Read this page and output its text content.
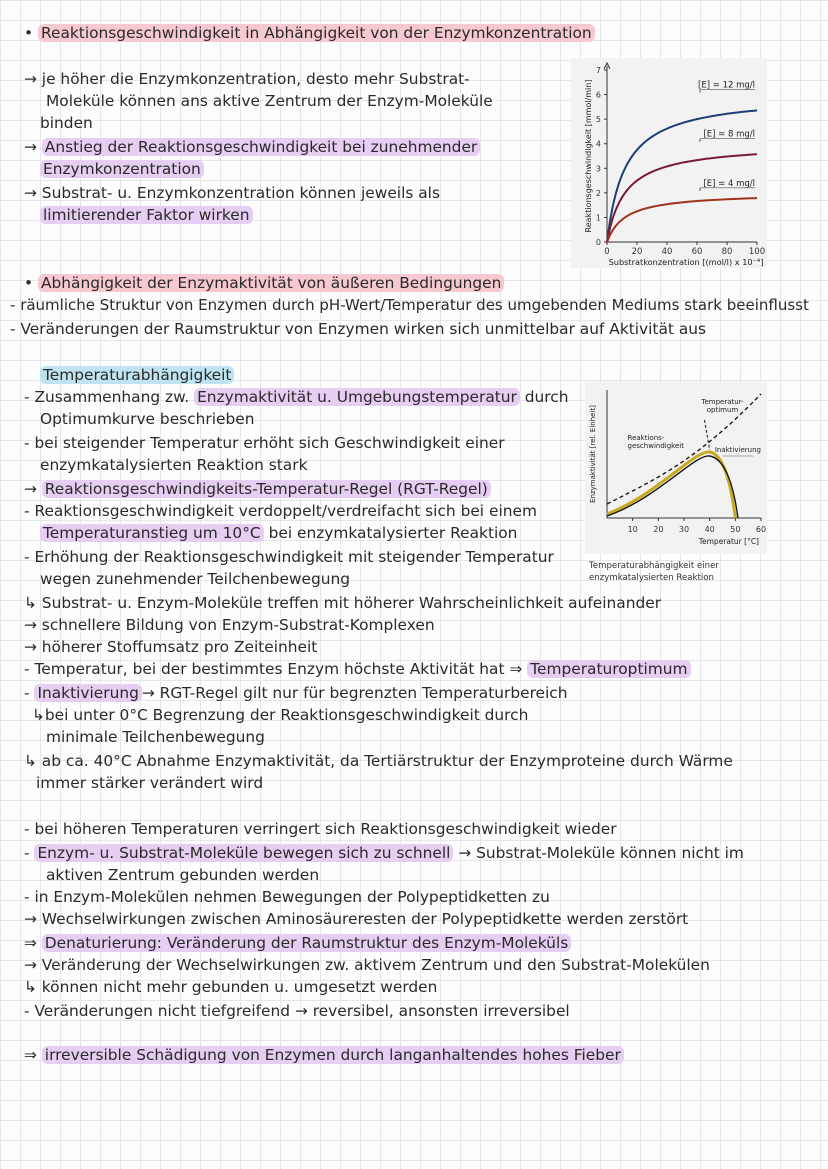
• Reaktionsgeschwindigkeit in Abhängigkeit von der Enzymkonzentration
→ je höher die Enzymkonzentration, desto mehr Substrat-
Moleküle können ans aktive Zentrum der Enzym-Moleküle
binden
→ Anstieg der Reaktionsgeschwindigkeit bei zunehmender
Enzymkonzentration
→ Substrat- u. Enzymkonzentration können jeweils als
limitierender Faktor wirken
0
1
2
3
4
5
6
7
0	20 40 60 80 100
Substratkonzentration [(mol/l) x 10⁻⁴]
Reaktionsgeschwindigkeit [mmol/min]	[E] = 12 mg/l
[E] = 8 mg/l
[E] = 4 mg/l
• Abhängigkeit der Enzymaktivität von äußeren Bedingungen
- räumliche Struktur von Enzymen durch pH-Wert/Temperatur des umgebenden Mediums stark beeinflusst
- Veränderungen der Raumstruktur von Enzymen wirken sich unmittelbar auf Aktivität aus
Temperaturabhängigkeit
- Zusammenhang zw. Enzymaktivität u. Umgebungstemperatur durch
Optimumkurve beschrieben
- bei steigender Temperatur erhöht sich Geschwindigkeit einer
enzymkatalysierten Reaktion stark
→ Reaktionsgeschwindigkeits-Temperatur-Regel (RGT-Regel)
- Reaktionsgeschwindigkeit verdoppelt/verdreifacht sich bei einem
Temperaturanstieg um 10°C bei enzymkatalysierter Reaktion
- Erhöhung der Reaktionsgeschwindigkeit mit steigender Temperatur
wegen zunehmender Teilchenbewegung
10 20 30 40 50 60
Temperatur [°C]
Enzymaktivität [rel. Einheit]
Temperatur-
optimum
Reaktions-
geschwindigkeit	Inaktivierung
Temperaturabhängigkeit einer enzymkatalysierten Reaktion
↳ Substrat- u. Enzym-Moleküle treffen mit höherer Wahrscheinlichkeit aufeinander
→ schnellere Bildung von Enzym-Substrat-Komplexen
→ höherer Stoffumsatz pro Zeiteinheit
- Temperatur, bei der bestimmtes Enzym höchste Aktivität hat ⇒ Temperaturoptimum
- Inaktivierung → RGT-Regel gilt nur für begrenzten Temperaturbereich
↳bei unter 0°C Begrenzung der Reaktionsgeschwindigkeit durch
minimale Teilchenbewegung
↳ ab ca. 40°C Abnahme Enzymaktivität, da Tertiärstruktur der Enzymproteine durch Wärme
immer stärker verändert wird
- bei höheren Temperaturen verringert sich Reaktionsgeschwindigkeit wieder
- Enzym- u. Substrat-Moleküle bewegen sich zu schnell → Substrat-Moleküle können nicht im
aktiven Zentrum gebunden werden
- in Enzym-Molekülen nehmen Bewegungen der Polypeptidketten zu
→ Wechselwirkungen zwischen Aminosäureresten der Polypeptidkette werden zerstört
⇒ Denaturierung: Veränderung der Raumstruktur des Enzym-Moleküls
→ Veränderung der Wechselwirkungen zw. aktivem Zentrum und den Substrat-Molekülen
↳ können nicht mehr gebunden u. umgesetzt werden
- Veränderungen nicht tiefgreifend → reversibel, ansonsten irreversibel
⇒ irreversible Schädigung von Enzymen durch langanhaltendes hohes Fieber
